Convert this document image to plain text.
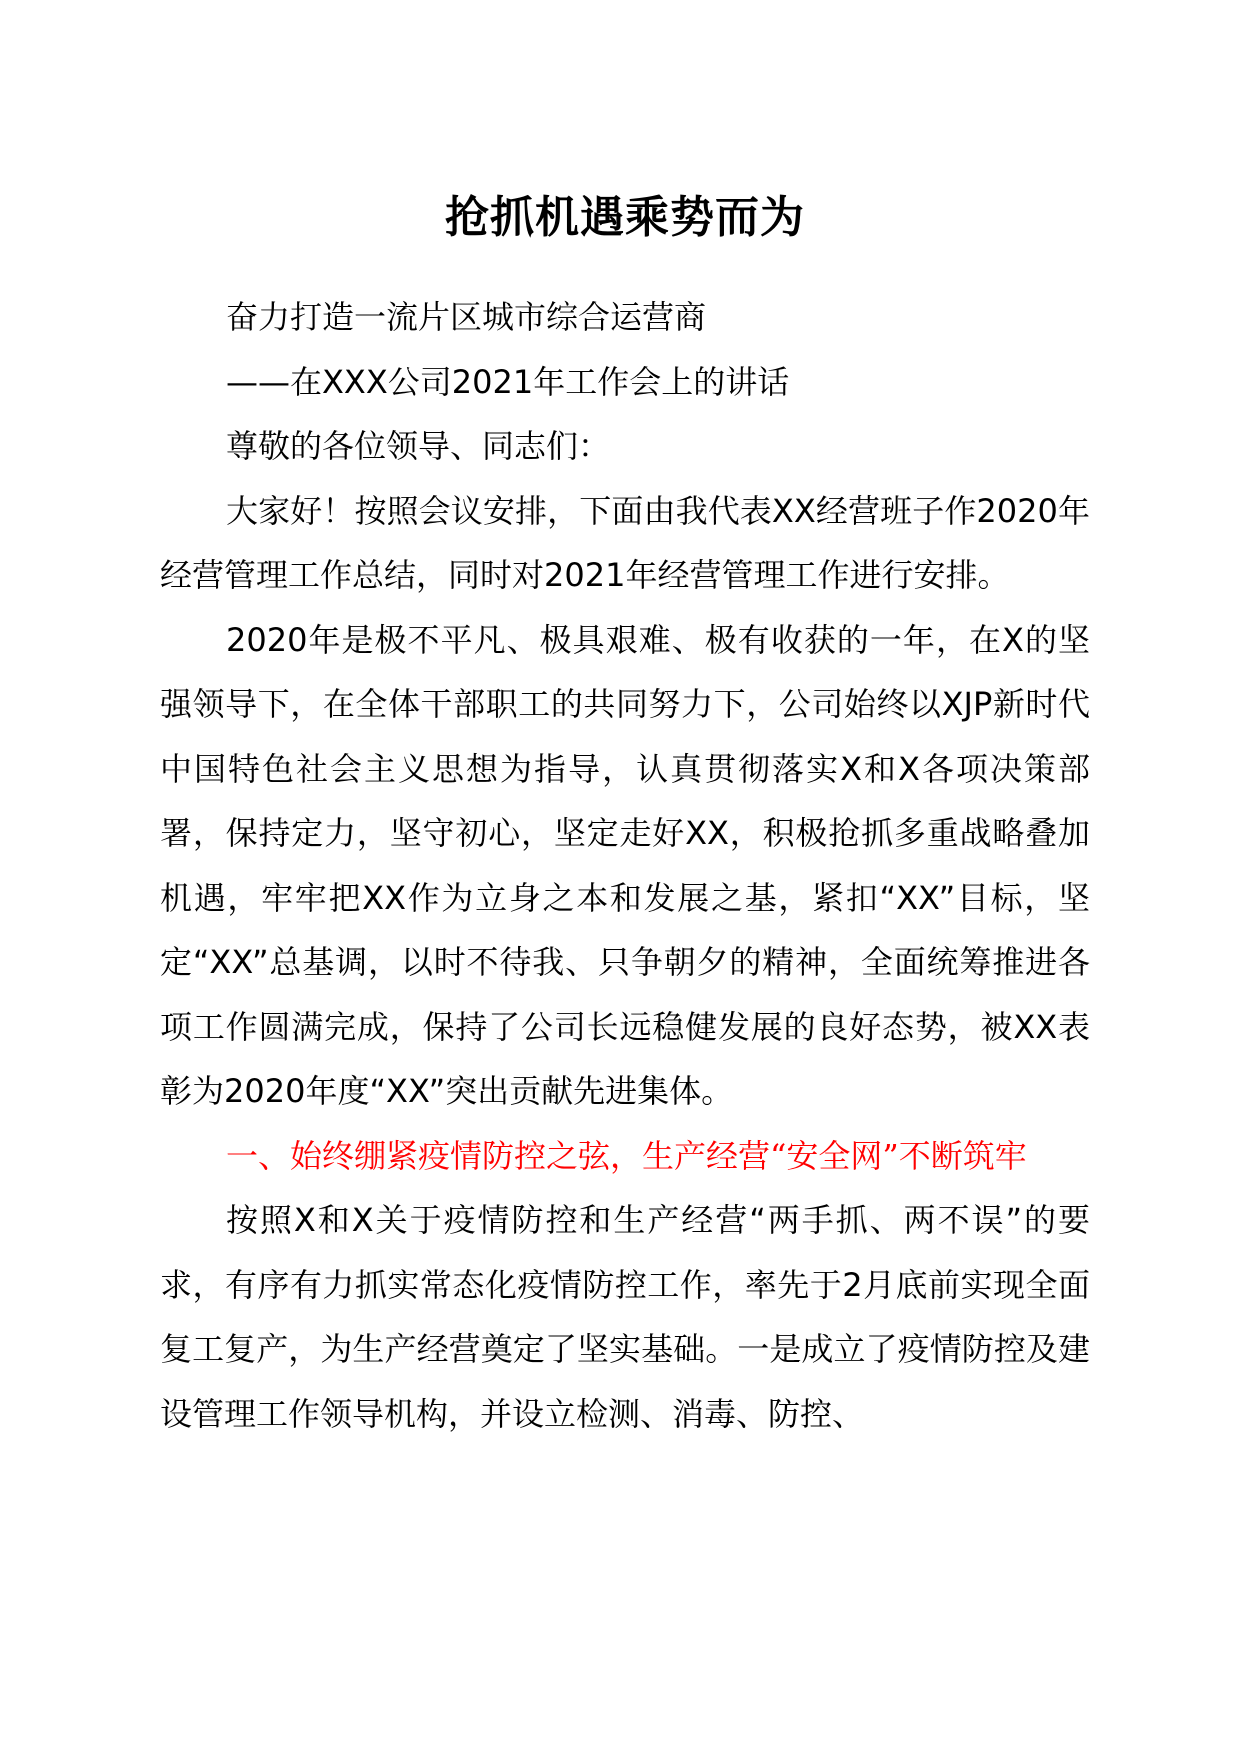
抢抓机遇乘势而为

奋力打造一流片区城市综合运营商

——在XXX公司2021年工作会上的讲话

尊敬的各位领导、同志们：

大家好！按照会议安排，下面由我代表XX经营班子作2020年经营管理工作总结，同时对2021年经营管理工作进行安排。

2020年是极不平凡、极具艰难、极有收获的一年，在X的坚强领导下，在全体干部职工的共同努力下，公司始终以XJP新时代中国特色社会主义思想为指导，认真贯彻落实X和X各项决策部署，保持定力，坚守初心，坚定走好XX，积极抢抓多重战略叠加机遇，牢牢把XX作为立身之本和发展之基，紧扣“XX”目标，坚定“XX”总基调，以时不待我、只争朝夕的精神，全面统筹推进各项工作圆满完成，保持了公司长远稳健发展的良好态势，被XX表彰为2020年度“XX”突出贡献先进集体。

一、始终绷紧疫情防控之弦，生产经营“安全网”不断筑牢

按照X和X关于疫情防控和生产经营“两手抓、两不误”的要求，有序有力抓实常态化疫情防控工作，率先于2月底前实现全面复工复产，为生产经营奠定了坚实基础。一是成立了疫情防控及建设管理工作领导机构，并设立检测、消毒、防控、
